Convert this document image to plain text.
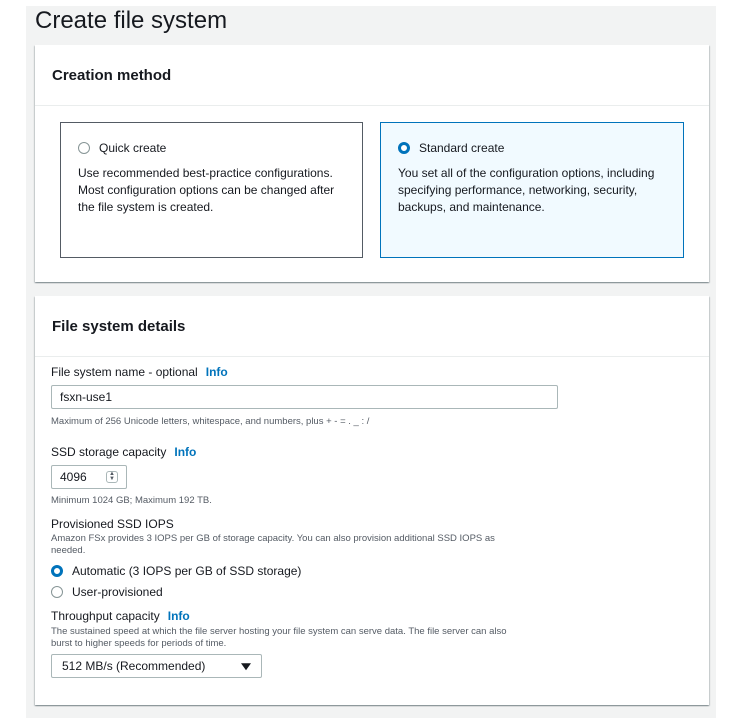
Create file system
Creation method
Quick create
Use recommended best-practice configurations.
Most configuration options can be changed after
the file system is created.
Standard create
You set all of the configuration options, including
specifying performance, networking, security,
backups, and maintenance.
File system details
File system name - optional Info
fsxn-use1
Maximum of 256 Unicode letters, whitespace, and numbers, plus + - = . _ : /
SSD storage capacity Info
4096	▲
▼
Minimum 1024 GB; Maximum 192 TB.
Provisioned SSD IOPS
Amazon FSx provides 3 IOPS per GB of storage capacity. You can also provision additional SSD IOPS as
needed.
Automatic (3 IOPS per GB of SSD storage)
User-provisioned
Throughput capacity Info
The sustained speed at which the file server hosting your file system can serve data. The file server can also
burst to higher speeds for periods of time.
512 MB/s (Recommended)
